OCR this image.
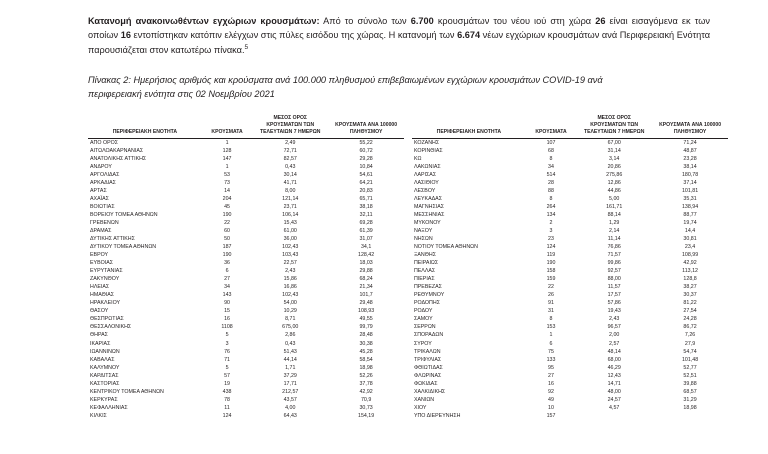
Κατανομή ανακοινωθέντων εγχώριων κρουσμάτων: Από το σύνολο των 6.700 κρουσμάτων του νέου ιού στη χώρα 26 είναι εισαγόμενα εκ των οποίων 16 εντοπίστηκαν κατόπιν ελέγχων στις πύλες εισόδου της χώρας. Η κατανομή των 6.674 νέων εγχώριων κρουσμάτων ανά Περιφερειακή Ενότητα παρουσιάζεται στον κατωτέρω πίνακα.$^5$

Πίνακας 2: Ημερήσιος αριθμός και κρούσματα ανά 100.000 πληθυσμού επιβεβαιωμένων εγχώριων κρουσμάτων COVID-19 ανά περιφερειακή ενότητα στις 02 Νοεμβρίου 2021

		ΜΕΣΟΣ ΟΡΟΣ	
		ΚΡΟΥΣΜΑΤΩΝ ΤΩΝ	ΚΡΟΥΣΜΑΤΑ ΑΝΑ 100000
ΠΕΡΙΦΕΡΕΙΑΚΗ ΕΝΟΤΗΤΑ	ΚΡΟΥΣΜΑΤΑ	ΤΕΛΕΥΤΑΙΩΝ 7 ΗΜΕΡΩΝ	ΠΛΗΘΥΣΜΟΥ
ΑΠΟ ΟΡΟΣ	1	2,49	55,22
ΑΙΤΩΛΟΑΚΑΡΝΑΝΙΑΣ	128	72,71	60,72
ΑΝΑΤΟΛΙΚΗΣ ΑΤΤΙΚΗΣ	147	82,57	29,28
ΑΝΔΡΟΥ	1	0,43	10,84
ΑΡΓΟΛΙΔΑΣ	53	30,14	54,61
ΑΡΚΑΔΙΑΣ	73	41,71	64,21
ΑΡΤΑΣ	14	8,00	20,83
ΑΧΑΪΑΣ	204	121,14	65,71
ΒΟΙΩΤΙΑΣ	45	23,71	38,18
ΒΟΡΕΙΟΥ ΤΟΜΕΑ ΑΘΗΝΩΝ	190	106,14	32,11
ΓΡΕΒΕΝΩΝ	22	15,43	69,28
ΔΡΑΜΑΣ	60	61,00	61,39
ΔΥΤΙΚΗΣ ΑΤΤΙΚΗΣ	50	36,00	31,07
ΔΥΤΙΚΟΥ ΤΟΜΕΑ ΑΘΗΝΩΝ	187	102,43	34,1
ΕΒΡΟΥ	190	103,43	128,42
ΕΥΒΟΙΑΣ	36	22,57	18,03
ΕΥΡΥΤΑΝΙΑΣ	6	2,43	29,88
ΖΑΚΥΝΘΟΥ	27	15,86	68,24
ΗΛΕΙΑΣ	34	16,86	21,34
ΗΜΑΘΙΑΣ	143	102,43	101,7
ΗΡΑΚΛΕΙΟΥ	90	54,00	29,48
ΘΑΣΟΥ	15	10,29	108,93
ΘΕΣΠΡΩΤΙΑΣ	16	8,71	49,55
ΘΕΣΣΑΛΟΝΙΚΗΣ	1108	675,00	99,79
ΘΗΡΑΣ	5	2,86	28,48
ΙΚΑΡΙΑΣ	3	0,43	30,38
ΙΩΑΝΝΙΝΩΝ	76	51,43	45,28
ΚΑΒΑΛΑΣ	71	44,14	58,54
ΚΑΛΥΜΝΟΥ	5	1,71	18,98
ΚΑΡΔΙΤΣΑΣ	57	37,29	52,26
ΚΑΣΤΟΡΙΑΣ	19	17,71	37,78
ΚΕΝΤΡΙΚΟΥ ΤΟΜΕΑ ΑΘΗΝΩΝ	438	212,57	42,92
ΚΕΡΚΥΡΑΣ	78	43,57	70,9
ΚΕΦΑΛΛΗΝΙΑΣ	11	4,00	30,73
ΚΙΛΚΙΣ	124	64,43	154,19
		ΜΕΣΟΣ ΟΡΟΣ	
		ΚΡΟΥΣΜΑΤΩΝ ΤΩΝ	ΚΡΟΥΣΜΑΤΑ ΑΝΑ 100000
ΠΕΡΙΦΕΡΕΙΑΚΗ ΕΝΟΤΗΤΑ	ΚΡΟΥΣΜΑΤΑ	ΤΕΛΕΥΤΑΙΩΝ 7 ΗΜΕΡΩΝ	ΠΛΗΘΥΣΜΟΥ
ΚΟΖΑΝΗΣ	107	67,00	71,24
ΚΟΡΙΝΘΙΑΣ	68	31,14	48,87
ΚΩ	8	3,14	23,28
ΛΑΚΩΝΙΑΣ	34	20,86	38,14
ΛΑΡΙΣΑΣ	514	275,86	180,78
ΛΑΣΙΘΙΟΥ	28	12,86	37,14
ΛΕΣΒΟΥ	88	44,86	101,81
ΛΕΥΚΑΔΑΣ	8	5,00	35,31
ΜΑΓΝΗΣΙΑΣ	264	161,71	138,94
ΜΕΣΣΗΝΙΑΣ	134	88,14	88,77
ΜΥΚΟΝΟΥ	2	1,29	19,74
ΝΑΞΟΥ	3	2,14	14,4
ΝΗΣΩΝ	23	11,14	30,81
ΝΟΤΙΟΥ ΤΟΜΕΑ ΑΘΗΝΩΝ	124	76,86	23,4
ΞΑΝΘΗΣ	119	71,57	108,99
ΠΕΙΡΑΙΩΣ	190	99,86	42,92
ΠΕΛΛΑΣ	158	92,57	113,12
ΠΙΕΡΙΑΣ	159	88,00	128,8
ΠΡΕΒΕΖΑΣ	22	11,57	38,27
ΡΕΘΥΜΝΟΥ	26	17,57	30,37
ΡΟΔΟΠΗΣ	91	57,86	81,22
ΡΟΔΟΥ	31	19,43	27,54
ΣΑΜΟΥ	8	2,43	24,28
ΣΕΡΡΩΝ	153	96,57	86,72
ΣΠΟΡΑΔΩΝ	1	2,00	7,26
ΣΥΡΟΥ	6	2,57	27,9
ΤΡΙΚΑΛΩΝ	75	48,14	54,74
ΤΡΙΦΥΛΙΑΣ	133	68,00	101,48
ΦΘΙΩΤΙΔΑΣ	95	46,29	52,77
ΦΛΩΡΙΝΑΣ	27	12,43	52,51
ΦΩΚΙΔΑΣ	16	14,71	39,88
ΧΑΛΚΙΔΙΚΗΣ	92	48,00	68,57
ΧΑΝΙΩΝ	49	24,57	31,29
ΧΙΟΥ	10	4,57	18,98
ΥΠΟ ΔΙΕΡΕΥΝΗΣΗ	157		
